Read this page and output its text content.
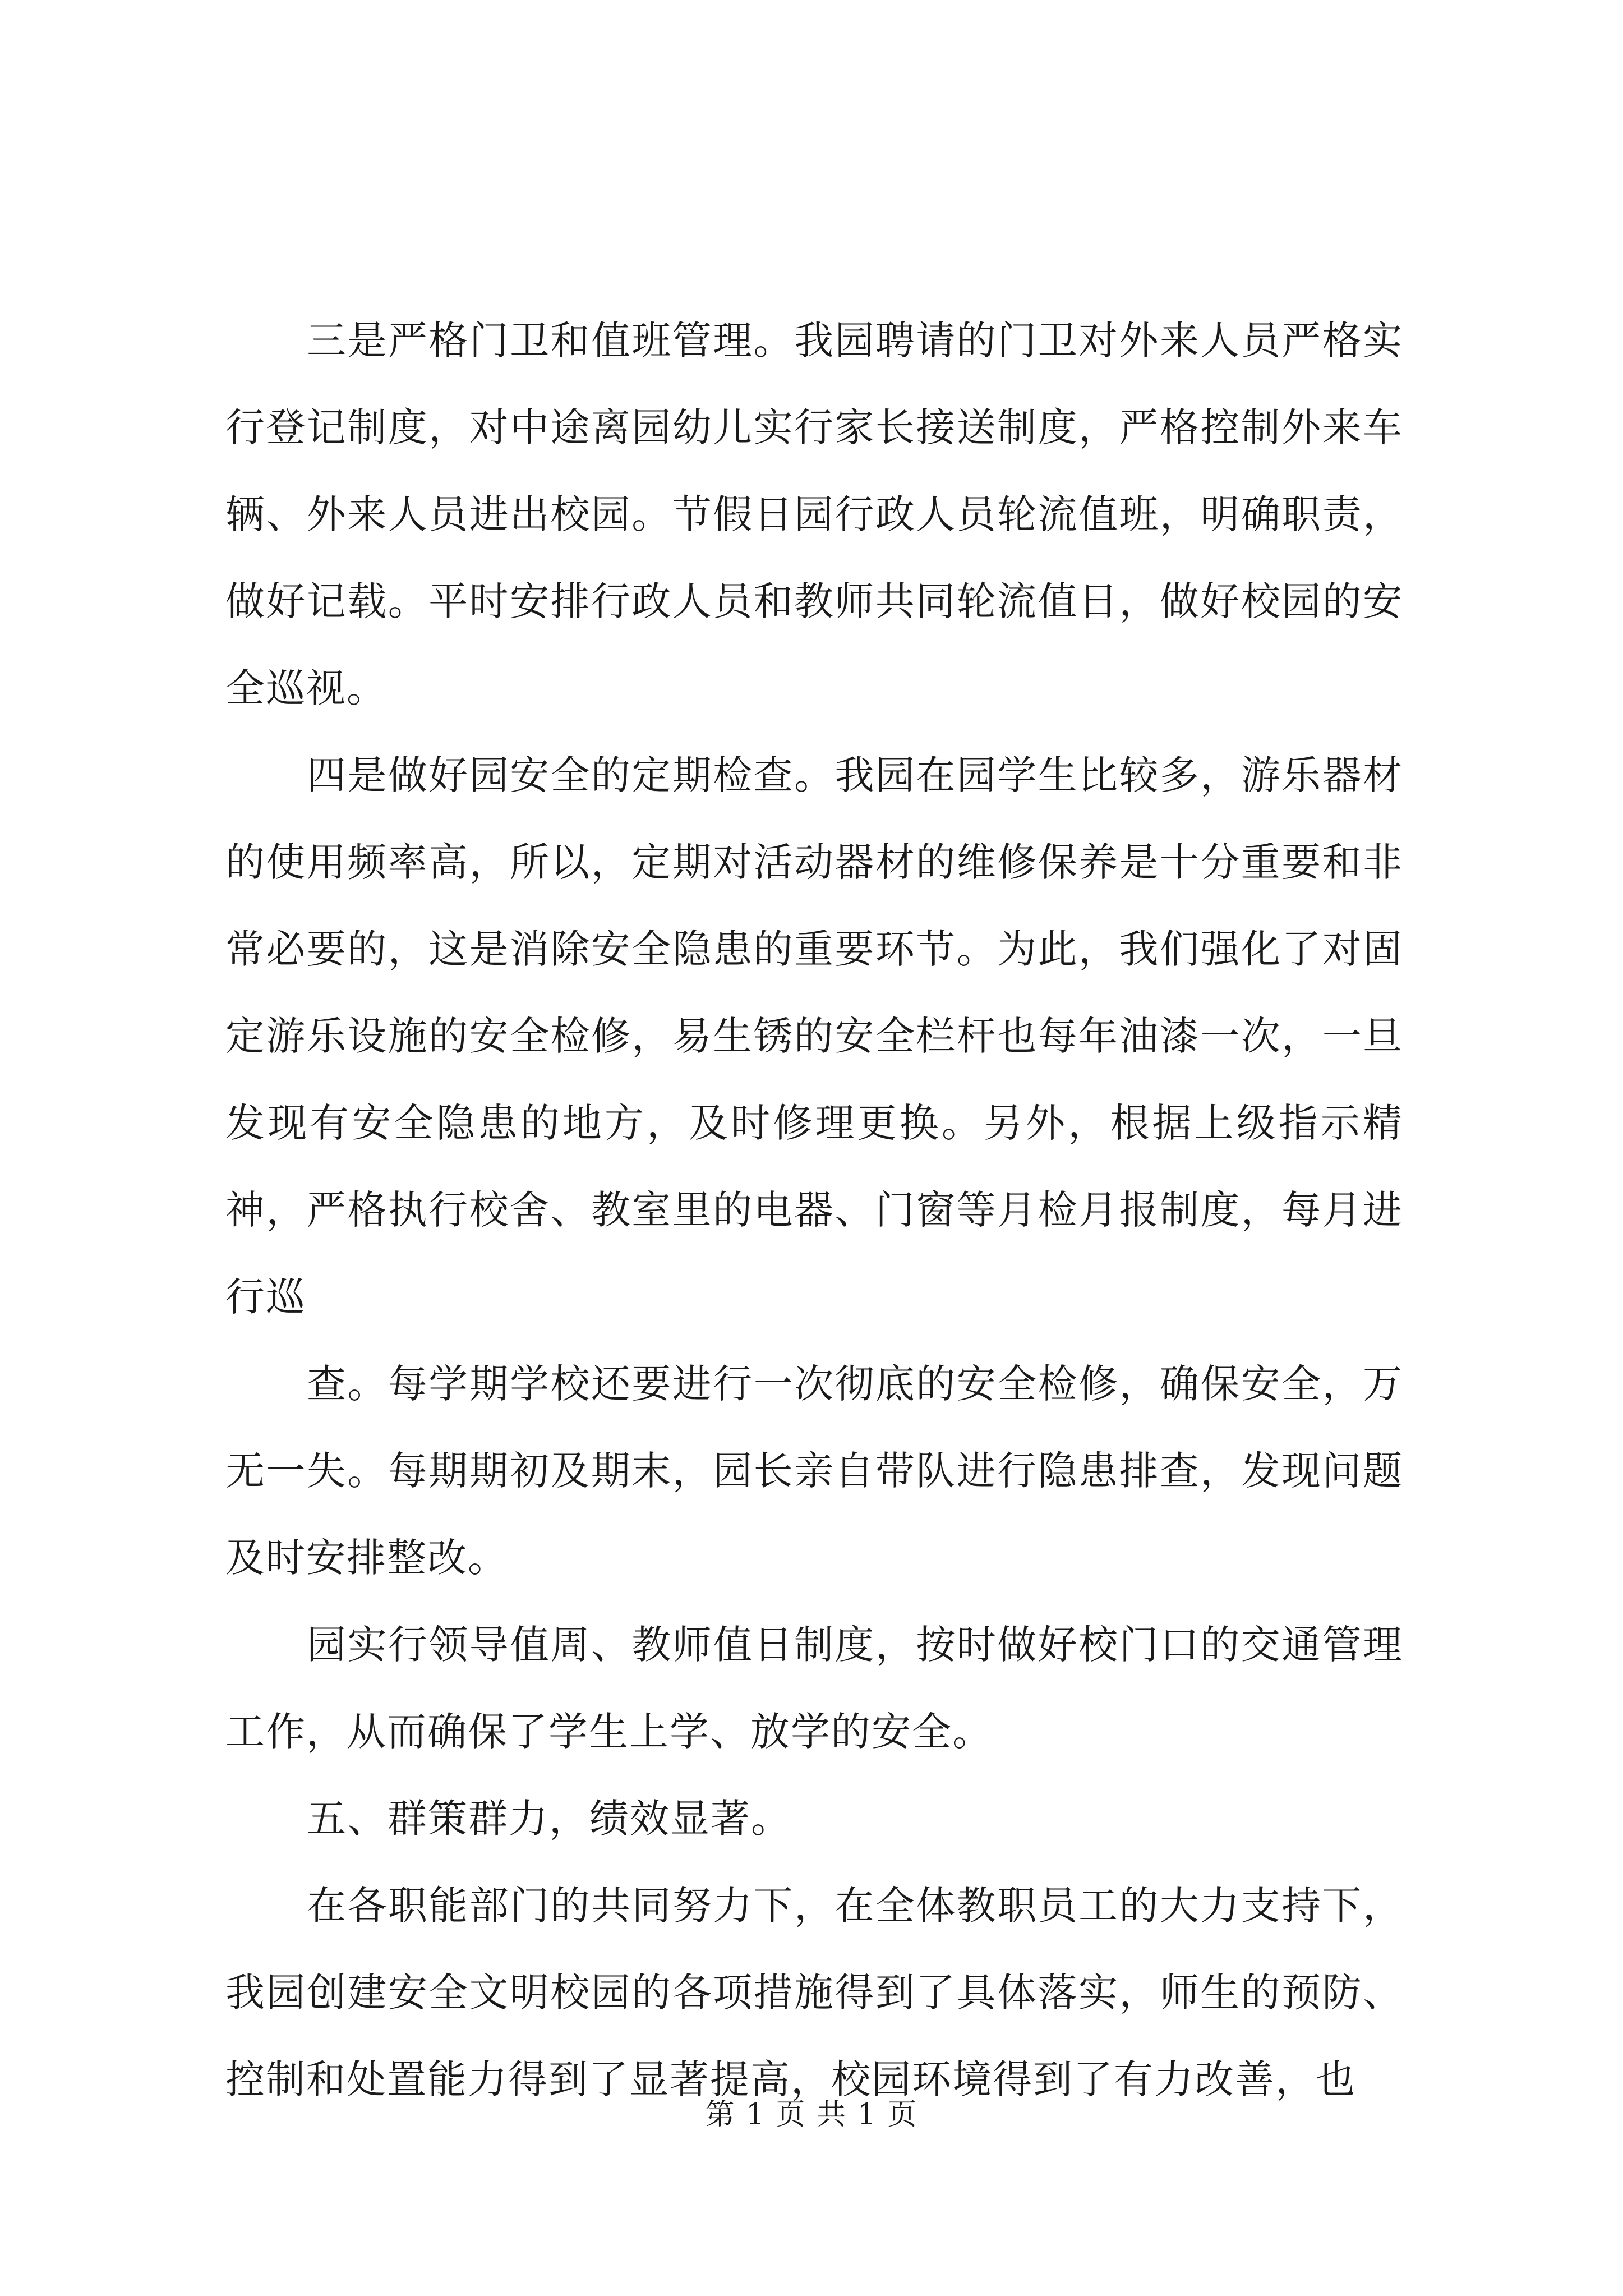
三是严格门卫和值班管理。我园聘请的门卫对外来人员严格实行登记制度，对中途离园幼儿实行家长接送制度，严格控制外来车辆、外来人员进出校园。节假日园行政人员轮流值班，明确职责，做好记载。平时安排行政人员和教师共同轮流值日，做好校园的安全巡视。

四是做好园安全的定期检查。我园在园学生比较多，游乐器材的使用频率高，所以，定期对活动器材的维修保养是十分重要和非常必要的，这是消除安全隐患的重要环节。为此，我们强化了对固定游乐设施的安全检修，易生锈的安全栏杆也每年油漆一次，一旦发现有安全隐患的地方，及时修理更换。另外，根据上级指示精神，严格执行校舍、教室里的电器、门窗等月检月报制度，每月进行巡

查。每学期学校还要进行一次彻底的安全检修，确保安全，万无一失。每期期初及期末，园长亲自带队进行隐患排查，发现问题及时安排整改。

园实行领导值周、教师值日制度，按时做好校门口的交通管理工作，从而确保了学生上学、放学的安全。

五、群策群力，绩效显著。

在各职能部门的共同努力下，在全体教职员工的大力支持下，我园创建安全文明校园的各项措施得到了具体落实，师生的预防、控制和处置能力得到了显著提高，校园环境得到了有力改善，也

第 1 页 共 1 页
